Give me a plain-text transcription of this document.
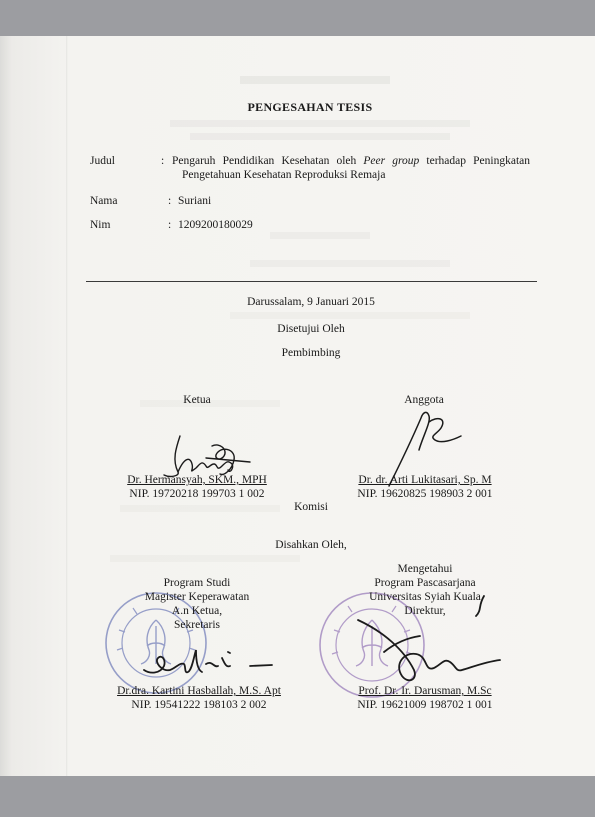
PENGESAHAN TESIS
Judul	: Pengaruh Pendidikan Kesehatan oleh Peer group terhadap Peningkatan
Pengetahuan Kesehatan Reproduksi Remaja
Nama	: Suriani
Nim	: 1209200180029
Darussalam, 9 Januari 2015
Disetujui Oleh
Pembimbing
Ketua	Anggota
Dr. Hermansyah, SKM., MPH
NIP. 19720218 199703 1 002
Dr. dr. Arti Lukitasari, Sp. M
NIP. 19620825 198903 2 001
Komisi
Disahkan Oleh,
Program Studi
Magister Keperawatan
A.n Ketua,
Sekretaris
Dr.dra. Kartini Hasballah, M.S. Apt
NIP. 19541222 198103 2 002
Mengetahui
Program Pascasarjana
Universitas Syiah Kuala
Direktur,
Prof. Dr. Ir. Darusman, M.Sc
NIP. 19621009 198702 1 001
